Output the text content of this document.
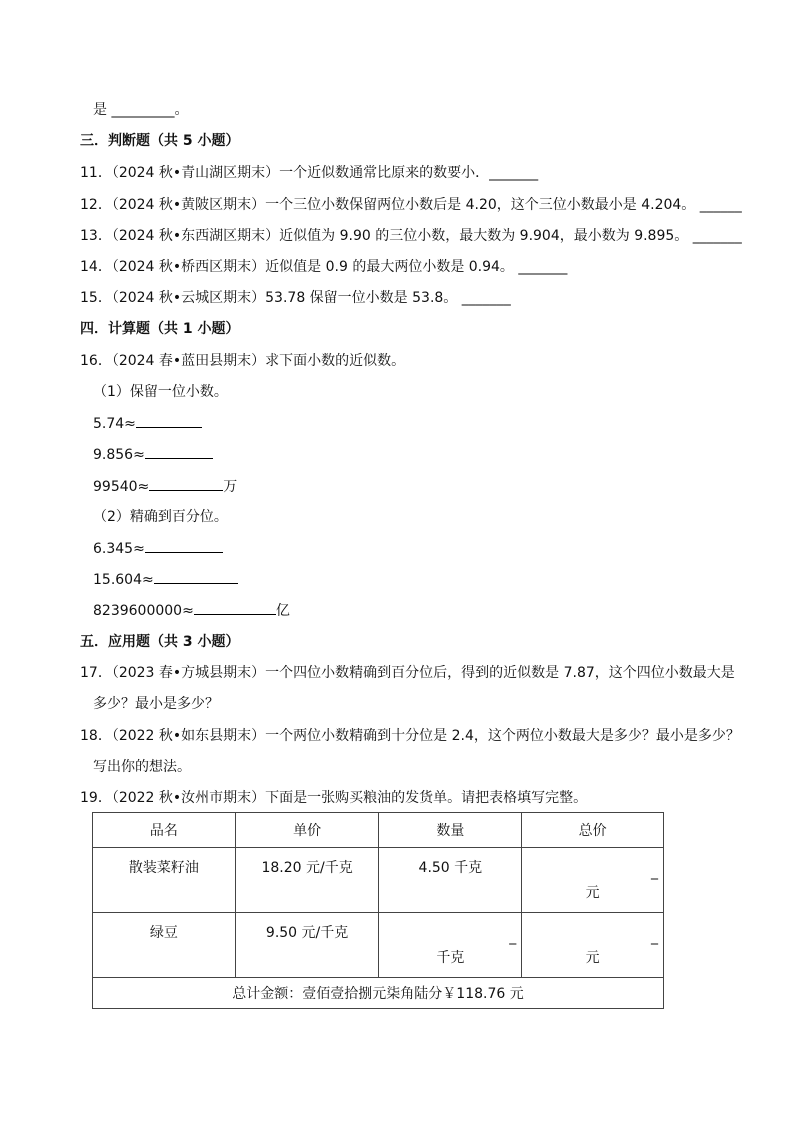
是 _________。
三．判断题（共 5 小题）
11．（2024 秋•青山湖区期末）一个近似数通常比原来的数要小．_______
12．（2024 秋•黄陂区期末）一个三位小数保留两位小数后是 4.20，这个三位小数最小是 4.204。 ______
13．（2024 秋•东西湖区期末）近似值为 9.90 的三位小数，最大数为 9.904，最小数为 9.895。 _______
14．（2024 秋•桥西区期末）近似值是 0.9 的最大两位小数是 0.94。 _______
15．（2024 秋•云城区期末）53.78 保留一位小数是 53.8。 _______
四．计算题（共 1 小题）
16．（2024 春•蓝田县期末）求下面小数的近似数。
（1）保留一位小数。
5.74≈
9.856≈
99540≈	万
（2）精确到百分位。
6.345≈
15.604≈
8239600000≈	亿
五．应用题（共 3 小题）
17．（2023 春•方城县期末）一个四位小数精确到百分位后，得到的近似数是 7.87，这个四位小数最大是
多少？最小是多少？
18．（2022 秋•如东县期末）一个两位小数精确到十分位是 2.4，这个两位小数最大是多少？最小是多少？
写出你的想法。
19．（2022 秋•汝州市期末）下面是一张购买粮油的发货单。请把表格填写完整。
品名	单价	数量	总价

散装菜籽油	18.20 元/千克	4.50 千克	_
元

绿豆	9.50 元/千克	_
千克	_
元

总计金额：壹佰壹拾捌元柒角陆分￥118.76 元			
